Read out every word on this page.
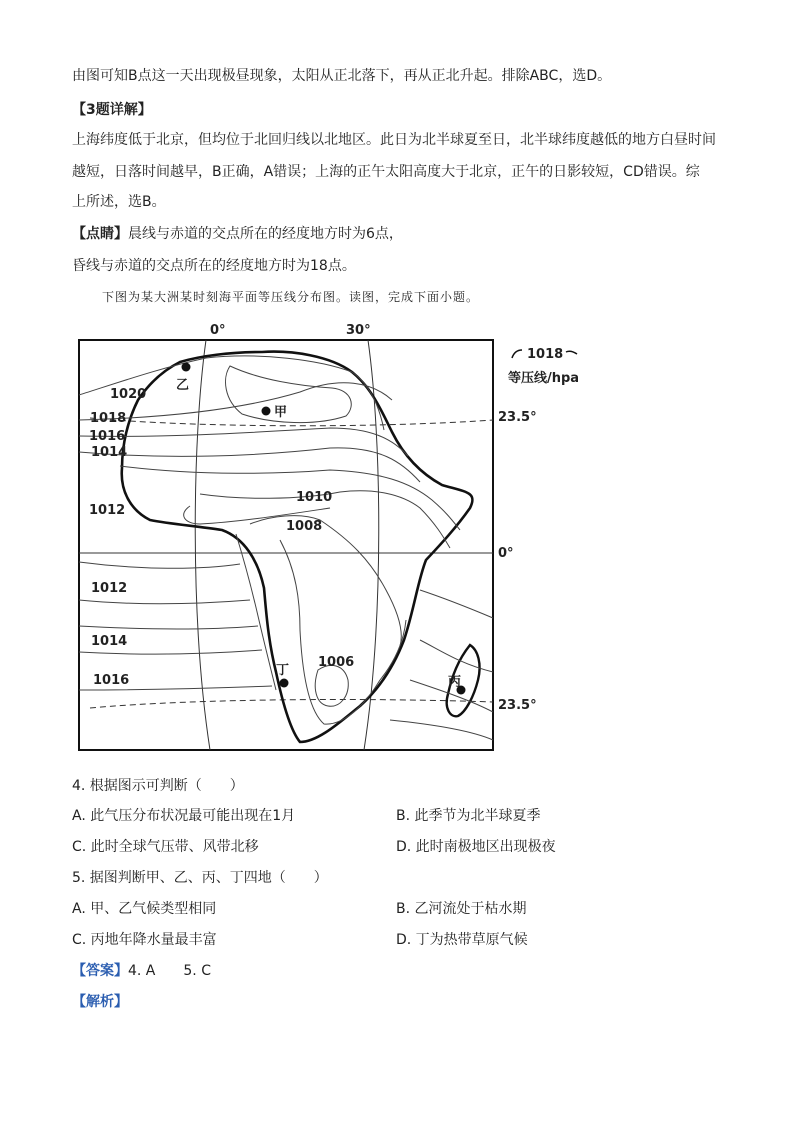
由图可知B点这一天出现极昼现象，太阳从正北落下，再从正北升起。排除ABC，选D。
【3题详解】
上海纬度低于北京，但均位于北回归线以北地区。此日为北半球夏至日，北半球纬度越低的地方白昼时间
越短，日落时间越早，B正确，A错误；上海的正午太阳高度大于北京，正午的日影较短，CD错误。综
上所述，选B。
【点睛】晨线与赤道的交点所在的经度地方时为6点，
昏线与赤道的交点所在的经度地方时为18点。
下图为某大洲某时刻海平面等压线分布图。读图，完成下面小题。
0°	30°
23.5°
0°
23.5°
1018
等压线/hpa
1020
1018
1016
1014
1012
1010
1008
1012
1014
1016
1006
乙
甲
丁
丙
4. 根据图示可判断（　　）
A. 此气压分布状况最可能出现在1月	B. 此季节为北半球夏季
C. 此时全球气压带、风带北移	D. 此时南极地区出现极夜
5. 据图判断甲、乙、丙、丁四地（　　）
A. 甲、乙气候类型相同	B. 乙河流处于枯水期
C. 丙地年降水量最丰富	D. 丁为热带草原气候
【答案】4. A　　5. C
【解析】
